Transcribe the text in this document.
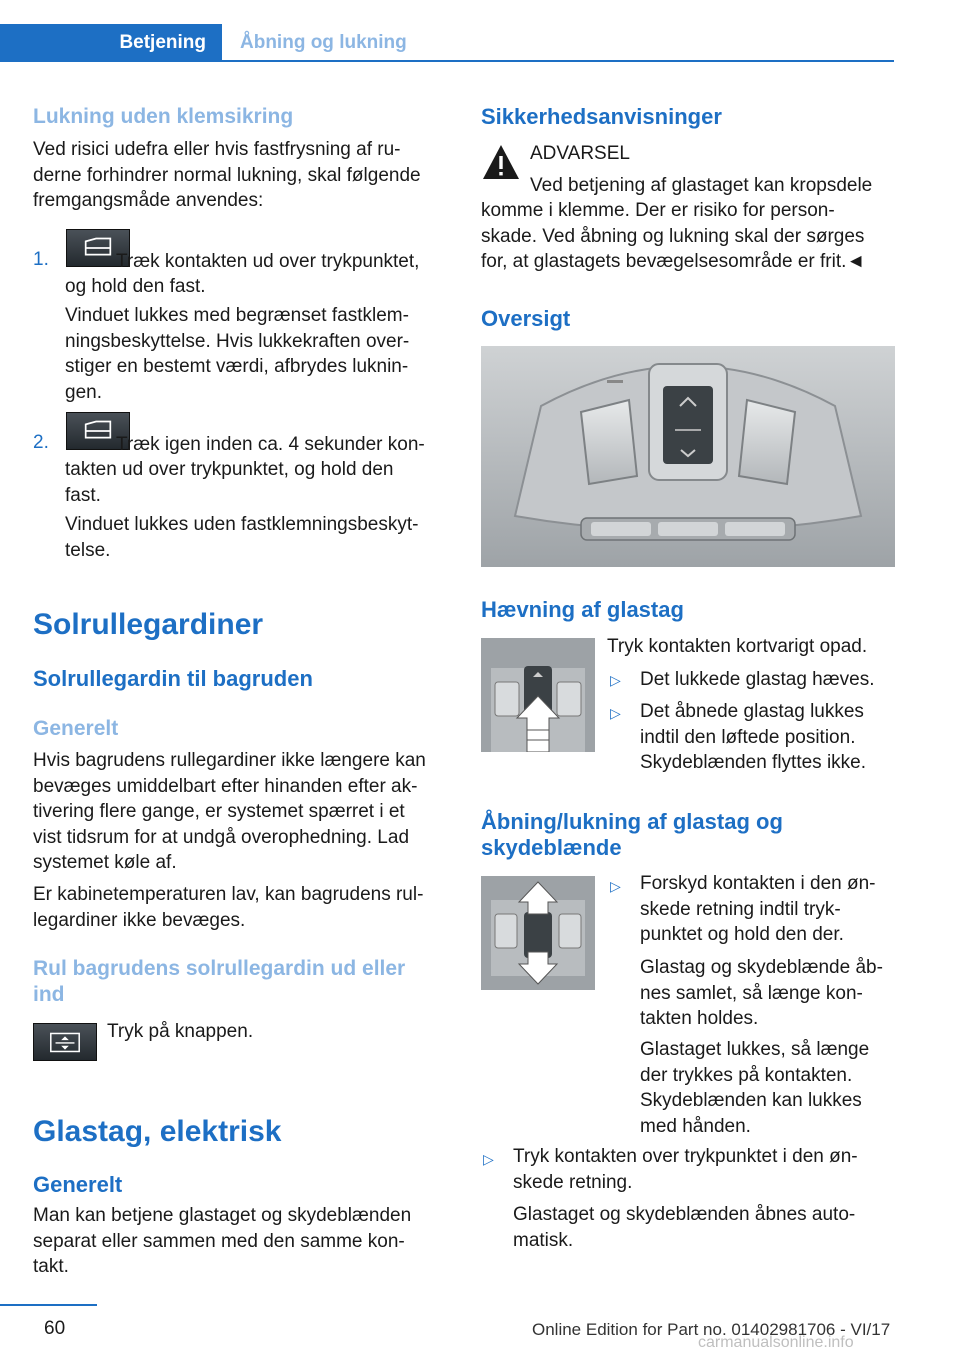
Betjening	Åbning og lukning
Lukning uden klemsikring
Ved risici udefra eller hvis fastfrysning af ru-
derne forhindrer normal lukning, skal følgende
fremgangsmåde anvendes:
1.	Træk kontakten ud over trykpunktet,
og hold den fast.
Vinduet lukkes med begrænset fastklem-
ningsbeskyttelse. Hvis lukkekraften over-
stiger en bestemt værdi, afbrydes luknin-
gen.
2.	Træk igen inden ca. 4 sekunder kon-
takten ud over trykpunktet, og hold den
fast.
Vinduet lukkes uden fastklemningsbeskyt-
telse.
Solrullegardiner
Solrullegardin til bagruden
Generelt
Hvis bagrudens rullegardiner ikke længere kan
bevæges umiddelbart efter hinanden efter ak-
tivering flere gange, er systemet spærret i et
vist tidsrum for at undgå overophedning. Lad
systemet køle af.
Er kabinetemperaturen lav, kan bagrudens rul-
legardiner ikke bevæges.
Rul bagrudens solrullegardin ud eller
ind
Tryk på knappen.
Glastag, elektrisk
Generelt
Man kan betjene glastaget og skydeblænden
separat eller sammen med den samme kon-
takt.
Sikkerhedsanvisninger
ADVARSEL
Ved betjening af glastaget kan kropsdele
komme i klemme. Der er risiko for person-
skade. Ved åbning og lukning skal der sørges
for, at glastagets bevægelsesområde er frit.◄
Oversigt
Hævning af glastag
Tryk kontakten kortvarigt opad.
▷ Det lukkede glastag hæves.
▷ Det åbnede glastag lukkes
indtil den løftede position.
Skydeblænden flyttes ikke.
Åbning/lukning af glastag og
skydeblænde
▷ Forskyd kontakten i den øn-
skede retning indtil tryk-
punktet og hold den der.
Glastag og skydeblænde åb-
nes samlet, så længe kon-
takten holdes.
Glastaget lukkes, så længe
der trykkes på kontakten.
Skydeblænden kan lukkes
med hånden.
▷ Tryk kontakten over trykpunktet i den øn-
skede retning.
Glastaget og skydeblænden åbnes auto-
matisk.
60	Online Edition for Part no. 01402981706 - VI/17
carmanualsonline.info
